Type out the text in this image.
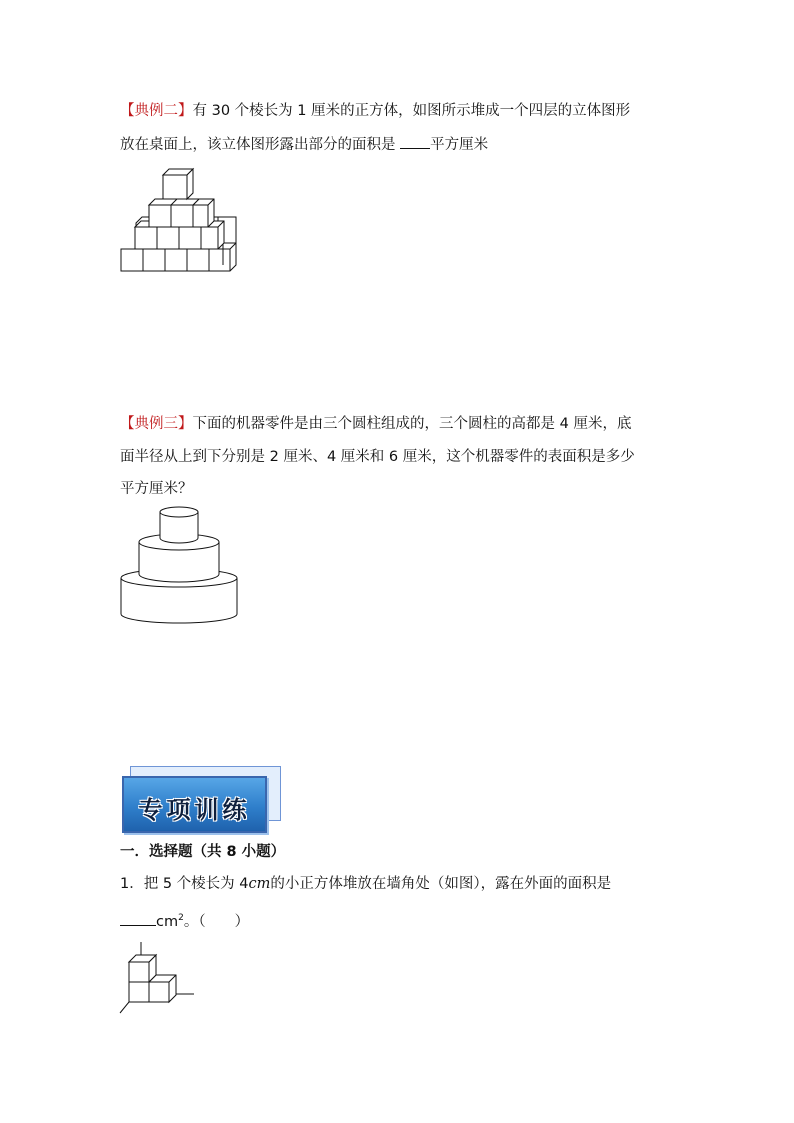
【典例二】有 30 个棱长为 1 厘米的正方体，如图所示堆成一个四层的立体图形
放在桌面上，该立体图形露出部分的面积是 平方厘米
【典例三】下面的机器零件是由三个圆柱组成的，三个圆柱的高都是 4 厘米，底
面半径从上到下分别是 2 厘米、4 厘米和 6 厘米，这个机器零件的表面积是多少
平方厘米？
专项训练
一．选择题（共 8 小题）
1．把 5 个棱长为 4cm的小正方体堆放在墙角处（如图），露在外面的面积是
$cm^2$。（　　）
